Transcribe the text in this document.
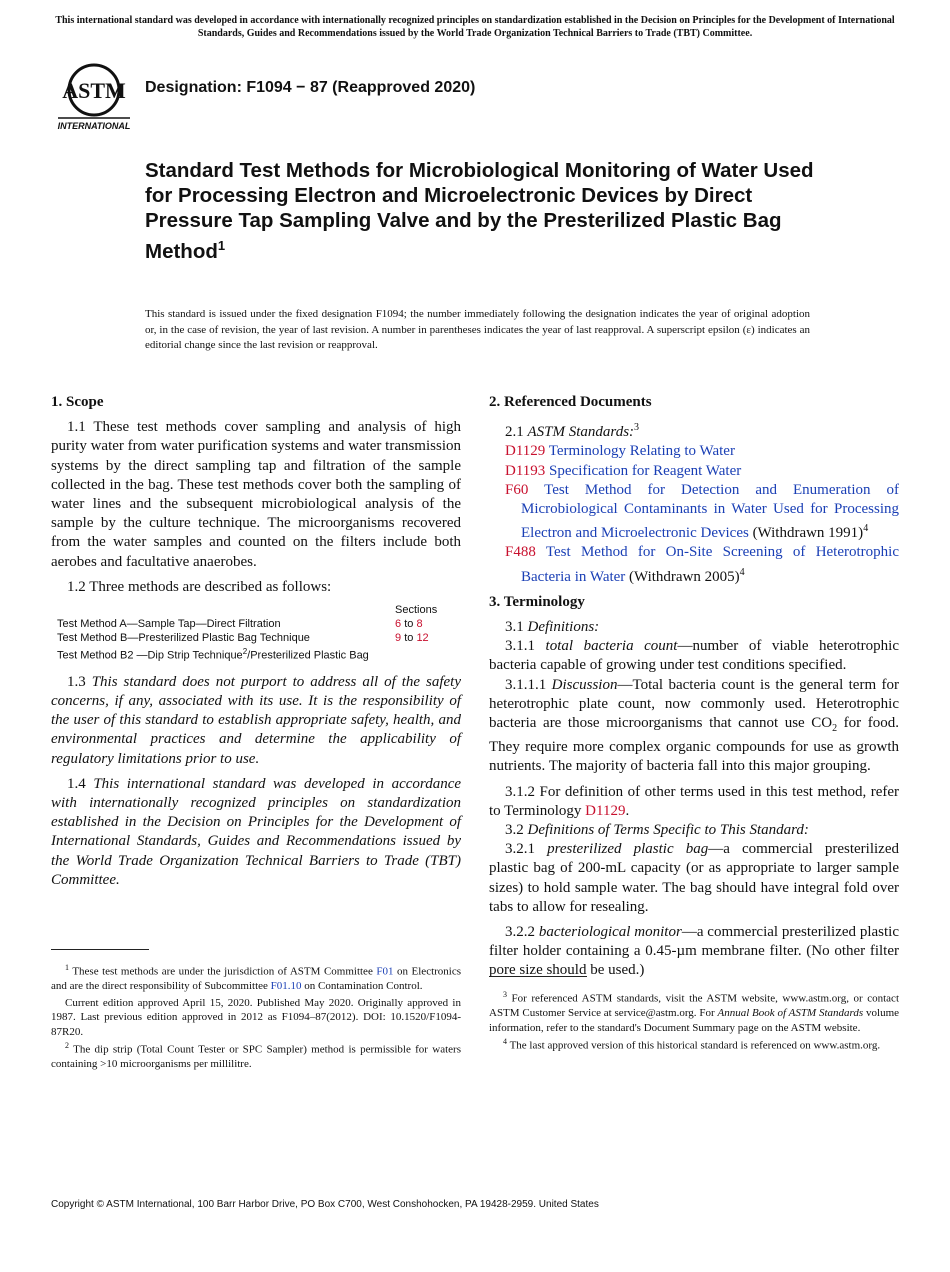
This international standard was developed in accordance with internationally recognized principles on standardization established in the Decision on Principles for the Development of International Standards, Guides and Recommendations issued by the World Trade Organization Technical Barriers to Trade (TBT) Committee.
ASTM
INTERNATIONAL
Designation: F1094 − 87 (Reapproved 2020)
Standard Test Methods for Microbiological Monitoring of Water Used for Processing Electron and Microelectronic Devices by Direct Pressure Tap Sampling Valve and by the Presterilized Plastic Bag Method$^1$
This standard is issued under the fixed designation F1094; the number immediately following the designation indicates the year of original adoption or, in the case of revision, the year of last revision. A number in parentheses indicates the year of last reapproval. A superscript epsilon (ε) indicates an editorial change since the last revision or reapproval.

1. Scope

1.1 These test methods cover sampling and analysis of high purity water from water purification systems and water transmission systems by the direct sampling tap and filtration of the sample collected in the bag. These test methods cover both the sampling of water lines and the subsequent microbiological analysis of the sample by the culture technique. The microorganisms recovered from the water samples and counted on the filters include both aerobes and facultative anaerobes.

1.2 Three methods are described as follows:

	Sections
Test Method A—Sample Tap—Direct Filtration	6 to 8
Test Method B—Presterilized Plastic Bag Technique	9 to 12
Test Method B2 —Dip Strip Technique$^2$/Presterilized Plastic Bag	

1.3 This standard does not purport to address all of the safety concerns, if any, associated with its use. It is the responsibility of the user of this standard to establish appropriate safety, health, and environmental practices and determine the applicability of regulatory limitations prior to use.

1.4 This international standard was developed in accordance with internationally recognized principles on standardization established in the Decision on Principles for the Development of International Standards, Guides and Recommendations issued by the World Trade Organization Technical Barriers to Trade (TBT) Committee.

$^1$ These test methods are under the jurisdiction of ASTM Committee F01 on Electronics and are the direct responsibility of Subcommittee F01.10 on Contamination Control.

Current edition approved April 15, 2020. Published May 2020. Originally approved in 1987. Last previous edition approved in 2012 as F1094–87(2012). DOI: 10.1520/F1094-87R20.

$^2$ The dip strip (Total Count Tester or SPC Sampler) method is permissible for waters containing >10 microorganisms per millilitre.

2. Referenced Documents

2.1 ASTM Standards:$^3$

D1129 Terminology Relating to Water

D1193 Specification for Reagent Water

F60 Test Method for Detection and Enumeration of Microbiological Contaminants in Water Used for Processing Electron and Microelectronic Devices (Withdrawn 1991)$^4$

F488 Test Method for On-Site Screening of Heterotrophic Bacteria in Water (Withdrawn 2005)$^4$

3. Terminology

3.1 Definitions:

3.1.1 total bacteria count—number of viable heterotrophic bacteria capable of growing under test conditions specified.

3.1.1.1 Discussion—Total bacteria count is the general term for heterotrophic plate count, now commonly used. Heterotrophic bacteria are those microorganisms that cannot use $CO_2$ for food. They require more complex organic compounds for use as growth nutrients. The majority of bacteria fall into this major grouping.

3.1.2 For definition of other terms used in this test method, refer to Terminology D1129.

3.2 Definitions of Terms Specific to This Standard:

3.2.1 presterilized plastic bag—a commercial presterilized plastic bag of 200-mL capacity (or as appropriate to larger sample sizes) to hold sample water. The bag should have integral fold over tabs to allow for resealing.

3.2.2 bacteriological monitor—a commercial presterilized plastic filter holder containing a 0.45-µm membrane filter. (No other filter pore size should be used.)

$^3$ For referenced ASTM standards, visit the ASTM website, www.astm.org, or contact ASTM Customer Service at service@astm.org. For Annual Book of ASTM Standards volume information, refer to the standard's Document Summary page on the ASTM website.

$^4$ The last approved version of this historical standard is referenced on www.astm.org.

Copyright © ASTM International, 100 Barr Harbor Drive, PO Box C700, West Conshohocken, PA 19428-2959. United States
